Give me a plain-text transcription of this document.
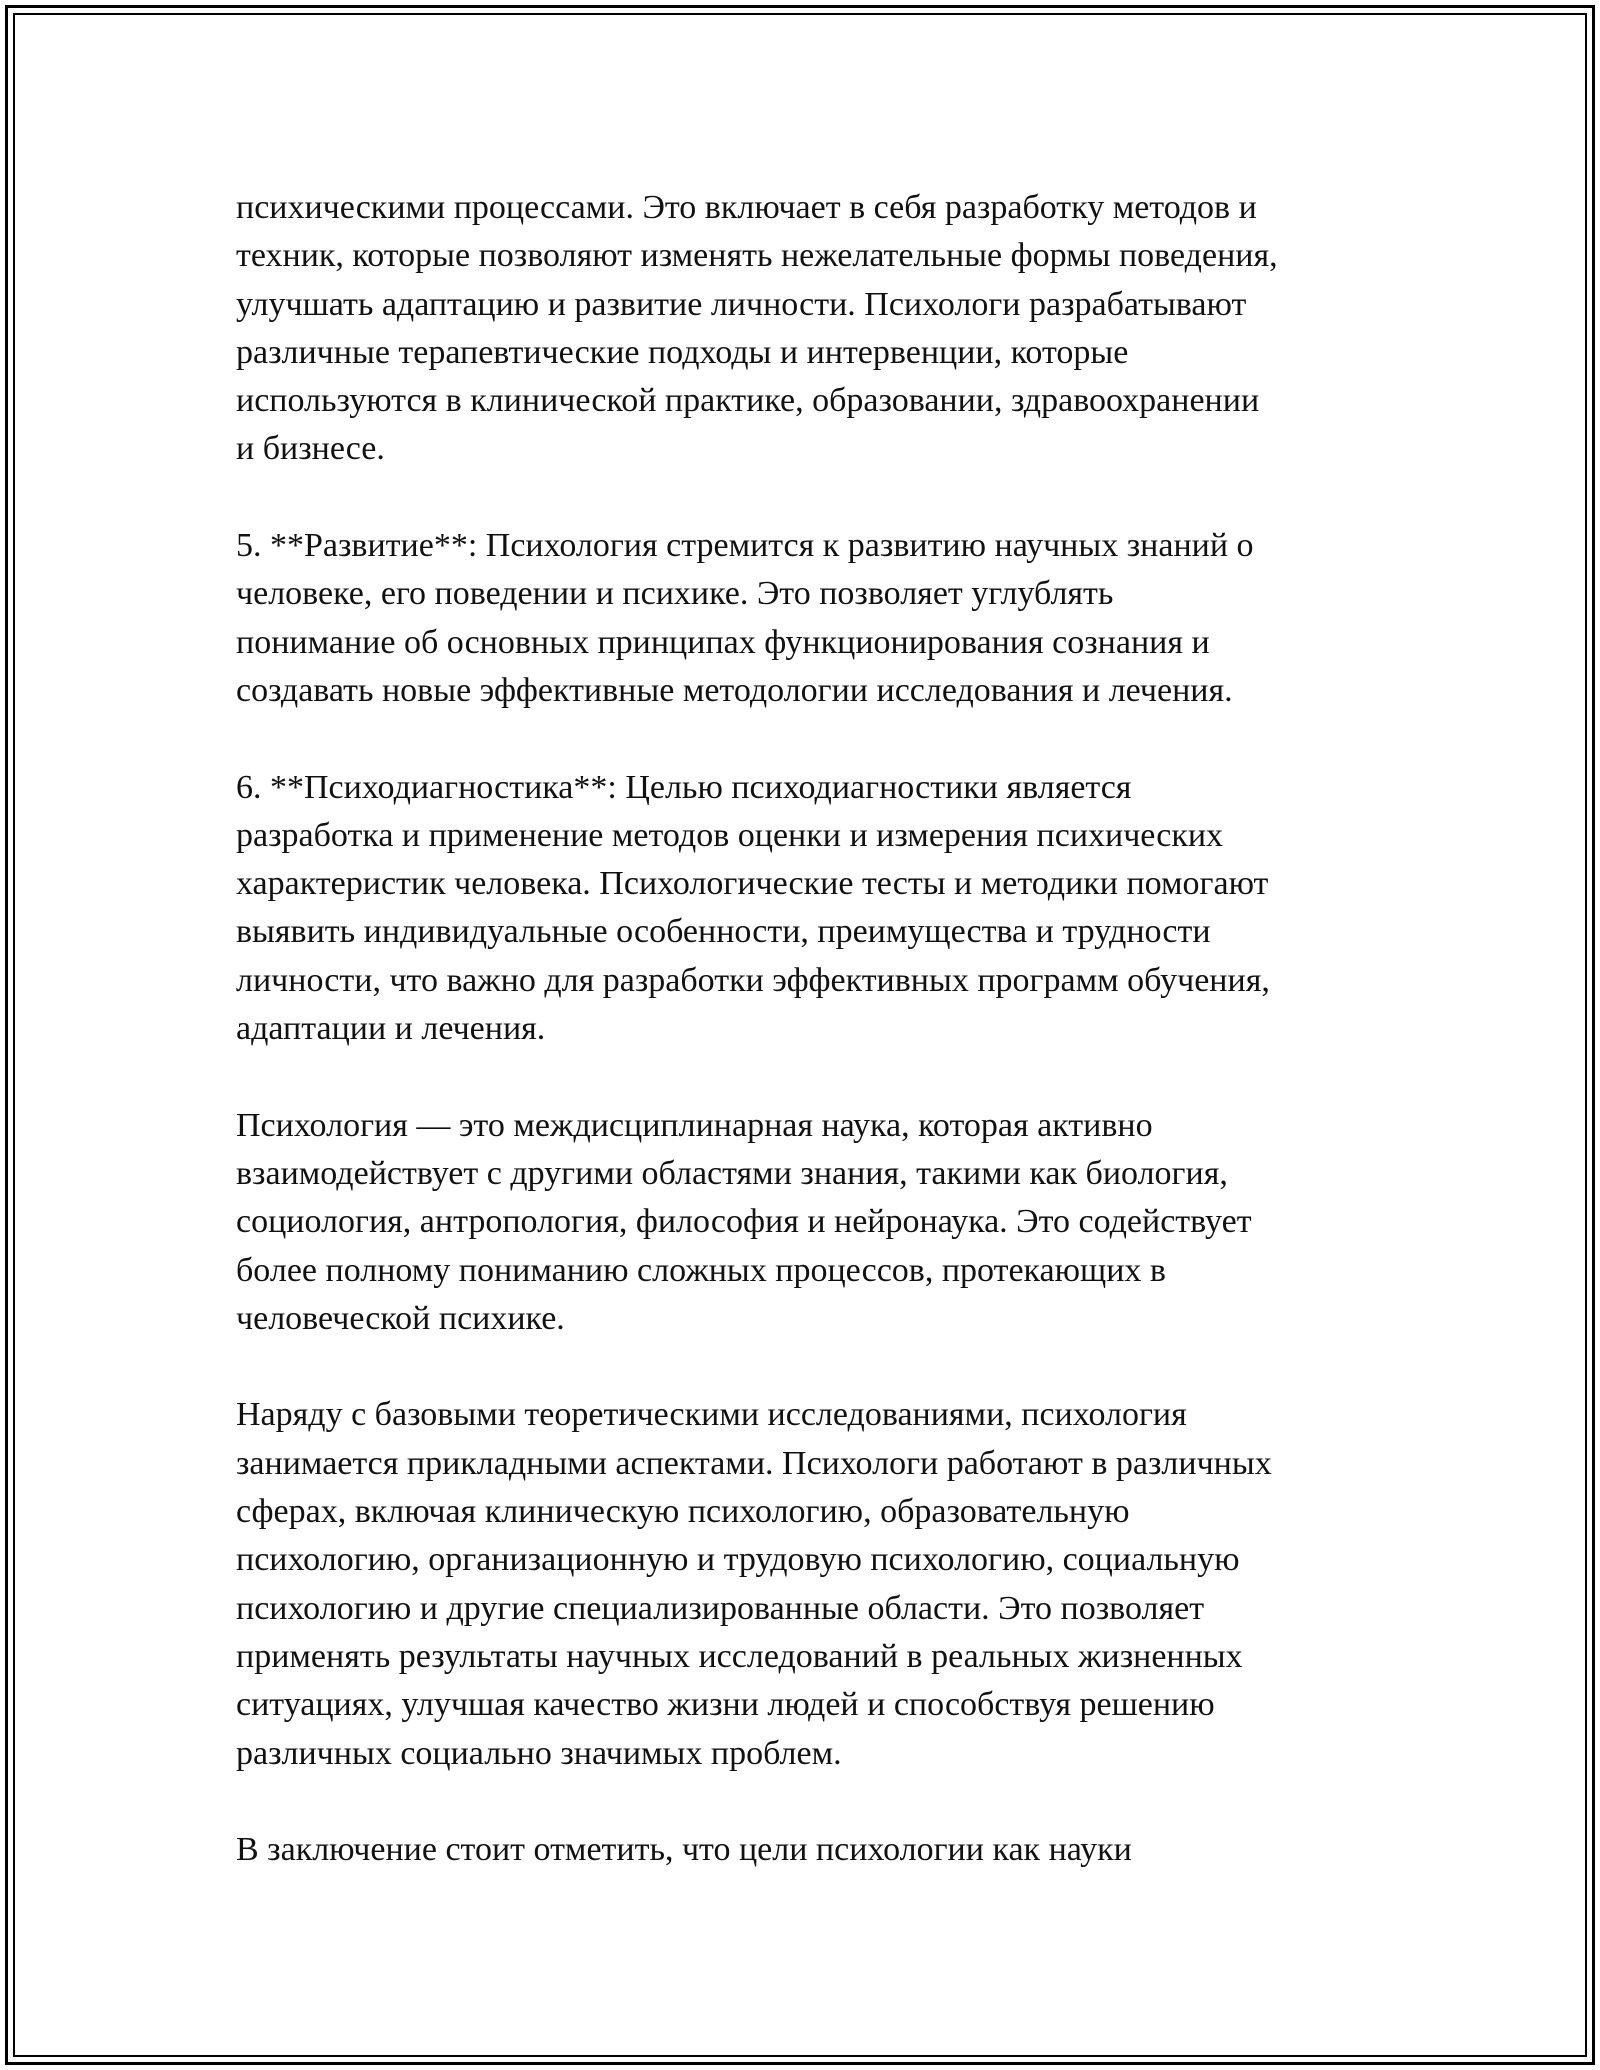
психическими процессами. Это включает в себя разработку методов и
техник, которые позволяют изменять нежелательные формы поведения,
улучшать адаптацию и развитие личности. Психологи разрабатывают
различные терапевтические подходы и интервенции, которые
используются в клинической практике, образовании, здравоохранении
и бизнесе.

5. **Развитие**: Психология стремится к развитию научных знаний о
человеке, его поведении и психике. Это позволяет углублять
понимание об основных принципах функционирования сознания и
создавать новые эффективные методологии исследования и лечения.

6. **Психодиагностика**: Целью психодиагностики является
разработка и применение методов оценки и измерения психических
характеристик человека. Психологические тесты и методики помогают
выявить индивидуальные особенности, преимущества и трудности
личности, что важно для разработки эффективных программ обучения,
адаптации и лечения.

Психология — это междисциплинарная наука, которая активно
взаимодействует с другими областями знания, такими как биология,
социология, антропология, философия и нейронаука. Это содействует
более полному пониманию сложных процессов, протекающих в
человеческой психике.

Наряду с базовыми теоретическими исследованиями, психология
занимается прикладными аспектами. Психологи работают в различных
сферах, включая клиническую психологию, образовательную
психологию, организационную и трудовую психологию, социальную
психологию и другие специализированные области. Это позволяет
применять результаты научных исследований в реальных жизненных
ситуациях, улучшая качество жизни людей и способствуя решению
различных социально значимых проблем.

В заключение стоит отметить, что цели психологии как науки
